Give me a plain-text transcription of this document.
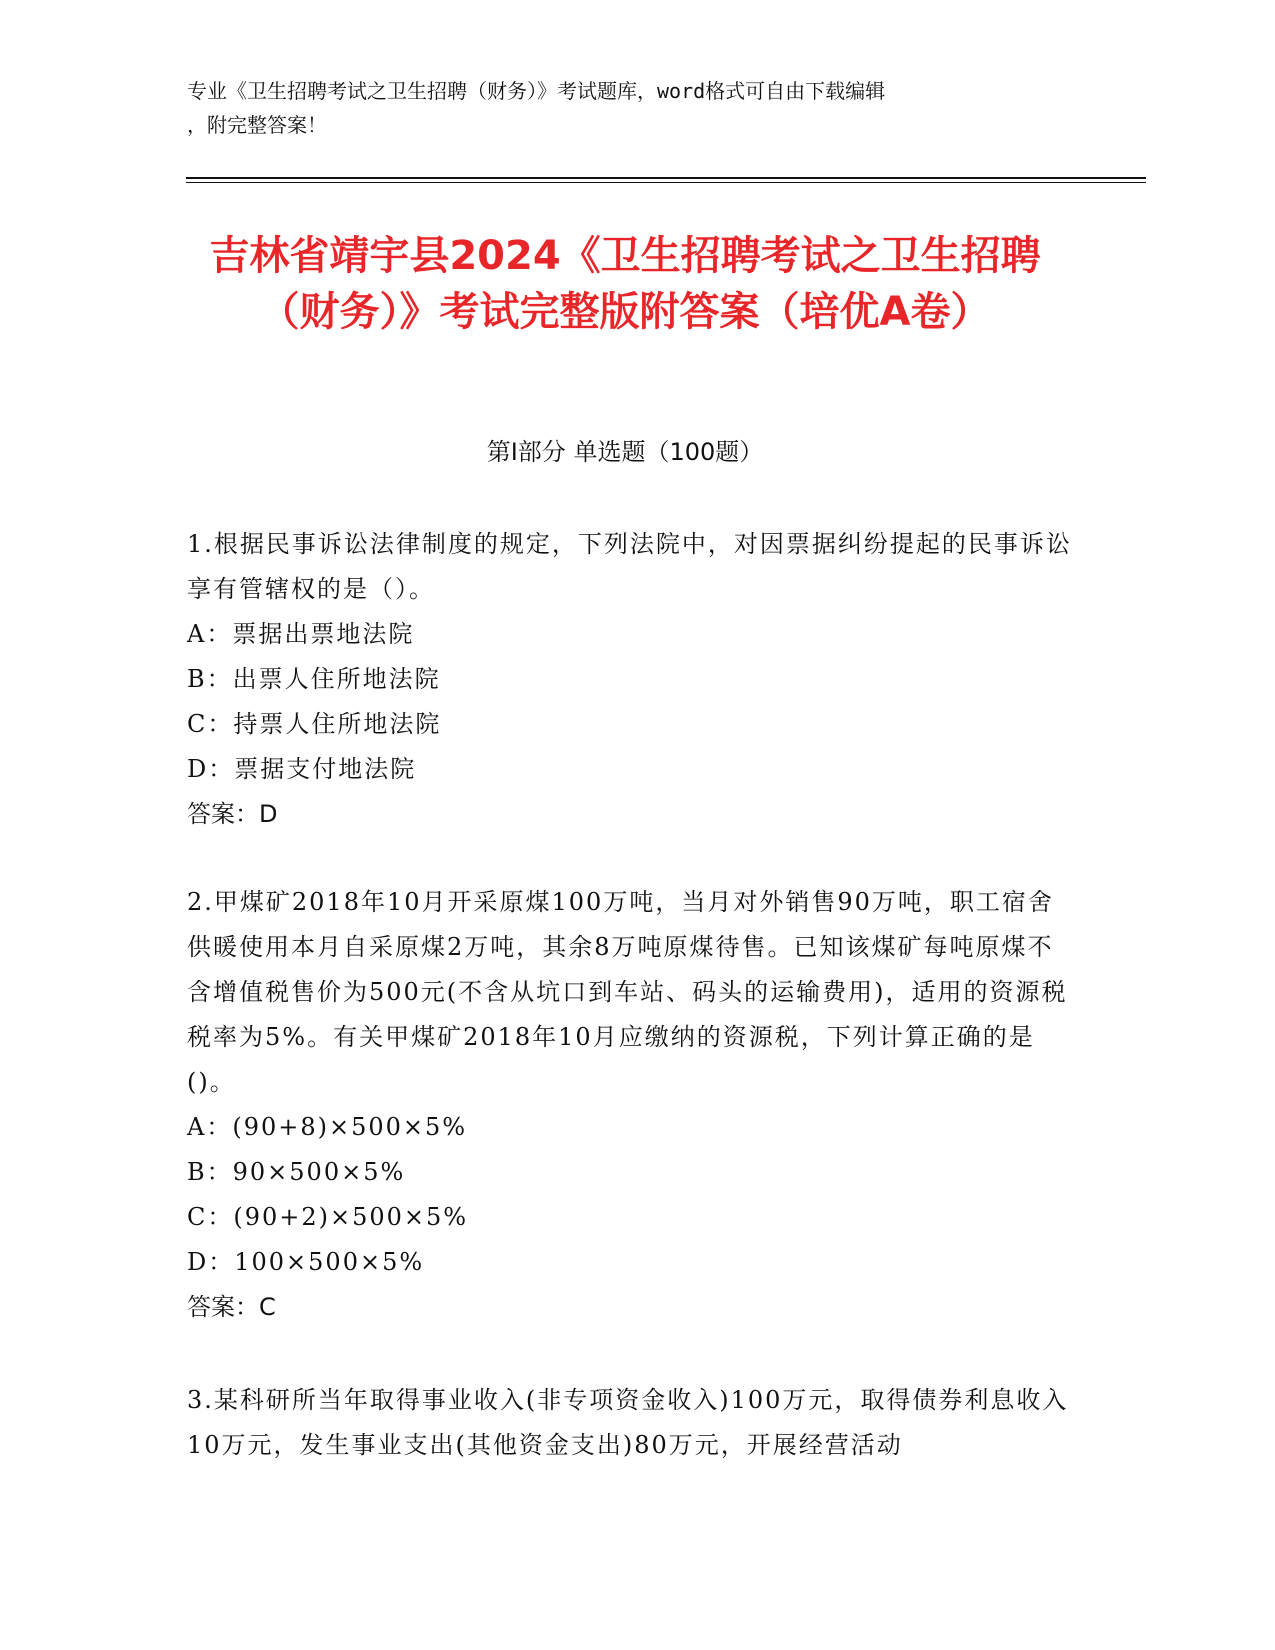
专业《卫生招聘考试之卫生招聘（财务）》考试题库，word格式可自由下载编辑
，附完整答案！
吉林省靖宇县2024《卫生招聘考试之卫生招聘（财务）》考试完整版附答案（培优A卷）
第Ⅰ部分 单选题（100题）
1.根据民事诉讼法律制度的规定，下列法院中，对因票据纠纷提起的民事诉讼享有管辖权的是（）。
A：票据出票地法院
B：出票人住所地法院
C：持票人住所地法院
D：票据支付地法院
答案：D
2.甲煤矿2018年10月开采原煤100万吨，当月对外销售90万吨，职工宿舍供暖使用本月自采原煤2万吨，其余8万吨原煤待售。已知该煤矿每吨原煤不含增值税售价为500元(不含从坑口到车站、码头的运输费用)，适用的资源税税率为5%。有关甲煤矿2018年10月应缴纳的资源税，下列计算正确的是()。
A：(90+8)×500×5%
B：90×500×5%
C：(90+2)×500×5%
D：100×500×5%
答案：C
3.某科研所当年取得事业收入(非专项资金收入)100万元，取得债券利息收入10万元，发生事业支出(其他资金支出)80万元，开展经营活动
